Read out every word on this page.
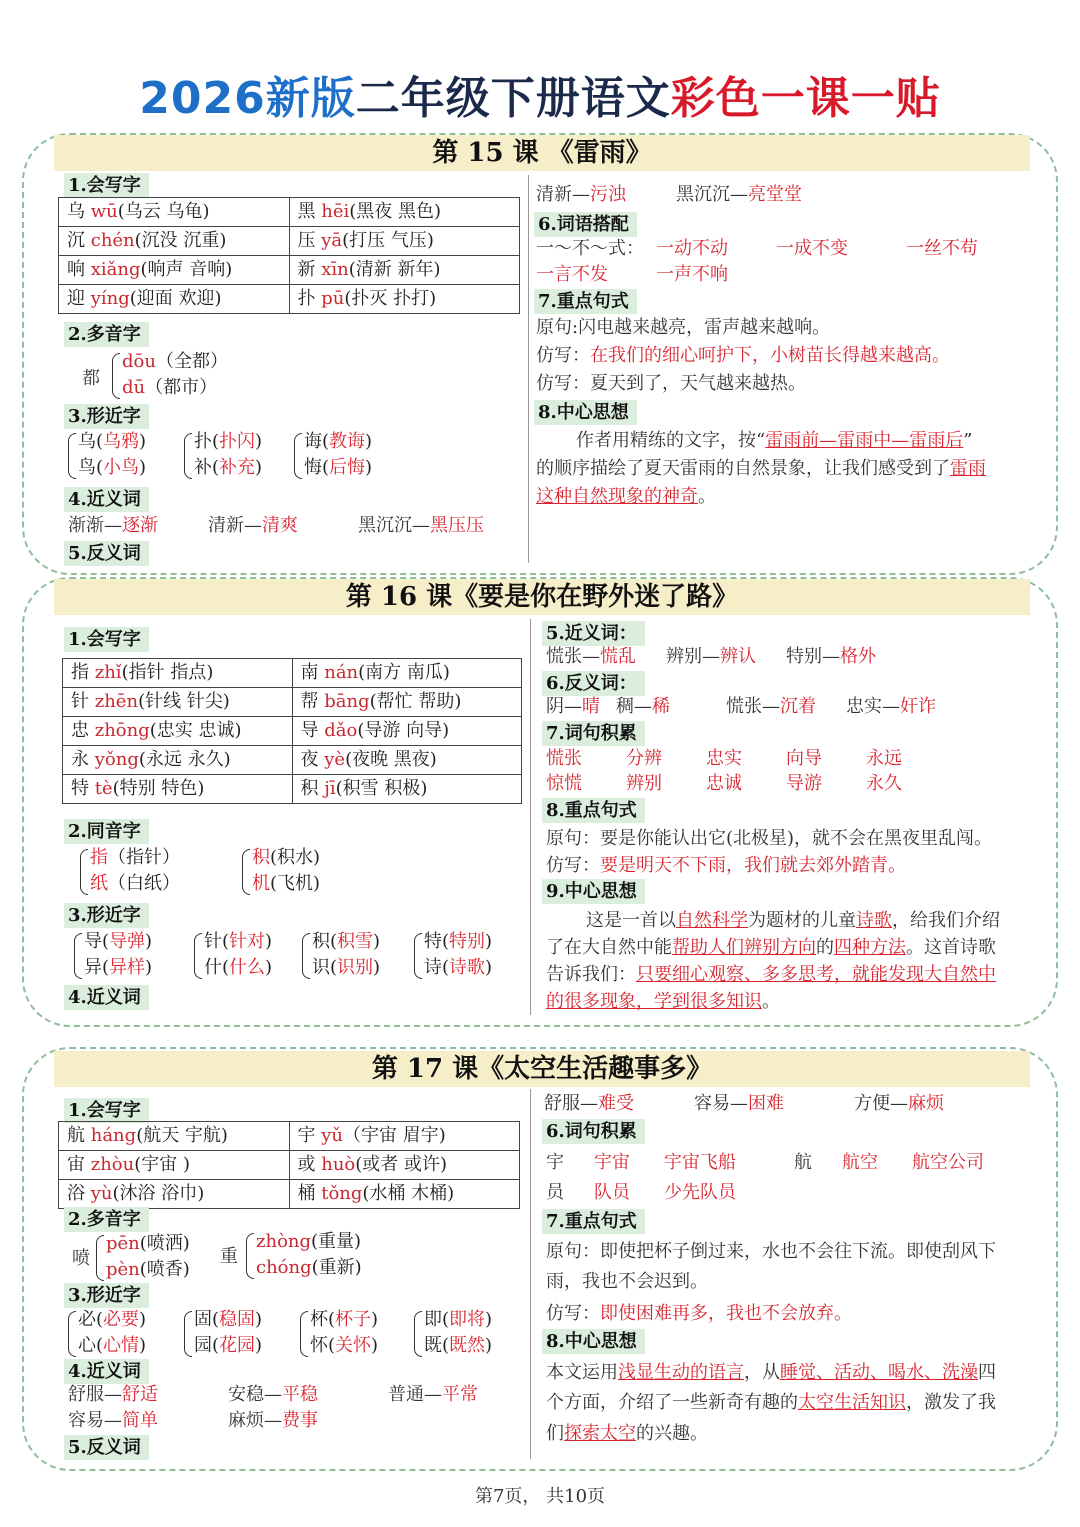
2026新版二年级下册语文彩色一课一贴
第 15 课 《雷雨》
1.会写字
乌 wū(乌云 乌龟)	黑 hēi(黑夜 黑色)
沉 chén(沉没 沉重)	压 yā(打压 气压)
响 xiǎng(响声 音响)	新 xīn(清新 新年)
迎 yíng(迎面 欢迎)	扑 pū(扑灭 扑打)
2.多音字
都
dōu（全都）
dū（都市）
3.形近字
乌(乌鸦)
鸟(小鸟)
扑(扑闪)
补(补充)
诲(教诲)
悔(后悔)
4.近义词
渐渐—逐渐	清新—清爽	黑沉沉—黑压压
5.反义词
清新—污浊	黑沉沉—亮堂堂
6.词语搭配
一～不～式： 一动不动	一成不变	一丝不苟
一言不发	一声不响
7.重点句式
原句:闪电越来越亮，雷声越来越响。
仿写：在我们的细心呵护下，小树苗长得越来越高。
仿写：夏天到了，天气越来越热。
8.中心思想
作者用精练的文字，按“雷雨前—雷雨中—雷雨后”
的顺序描绘了夏天雷雨的自然景象，让我们感受到了雷雨
这种自然现象的神奇。
第 16 课《要是你在野外迷了路》
1.会写字
指 zhǐ(指针 指点)	南 nán(南方 南瓜)
针 zhēn(针线 针尖)	帮 bāng(帮忙 帮助)
忠 zhōng(忠实 忠诚)	导 dǎo(导游 向导)
永 yǒng(永远 永久)	夜 yè(夜晚 黑夜)
特 tè(特别 特色)	积 jī(积雪 积极)
2.同音字
指（指针）
纸（白纸）
积(积水)
机(飞机)
3.形近字
导(导弹)
异(异样)
针(针对)
什(什么)
积(积雪)
识(识别)
特(特别)
诗(诗歌)
4.近义词
5.近义词：
慌张—慌乱 辨别—辨认 特别—格外
6.反义词：
阴—晴 稠—稀	慌张—沉着 忠实—奸诈
7.词句积累
慌张 分辨 忠实 向导 永远
惊慌 辨别 忠诚 导游 永久
8.重点句式
原句：要是你能认出它(北极星)，就不会在黑夜里乱闯。
仿写：要是明天不下雨，我们就去郊外踏青。
9.中心思想
这是一首以自然科学为题材的儿童诗歌，给我们介绍
了在大自然中能帮助人们辨别方向的四种方法。这首诗歌
告诉我们：只要细心观察、多多思考，就能发现大自然中
的很多现象，学到很多知识。
第 17 课《太空生活趣事多》
1.会写字
航 háng(航天 宇航)	宇 yǔ（宇宙 眉宇)
宙 zhòu(宇宙 )	或 huò(或者 或许)
浴 yù(沐浴 浴巾)	桶 tǒng(水桶 木桶)
2.多音字
喷
pēn(喷洒)
pèn(喷香)
重
zhòng(重量)
chóng(重新)
3.形近字
必(必要)
心(心情)
固(稳固)
园(花园)
杯(杯子)
怀(关怀)
即(即将)
既(既然)
4.近义词
舒服—舒适	安稳—平稳	普通—平常
容易—简单	麻烦—费事
5.反义词
舒服—难受	容易—困难	方便—麻烦
6.词句积累
宇 宇宙 宇宙飞船	航 航空 航空公司
员 队员 少先队员
7.重点句式
原句：即使把杯子倒过来，水也不会往下流。即使刮风下
雨，我也不会迟到。
仿写：即使困难再多，我也不会放弃。
8.中心思想
本文运用浅显生动的语言，从睡觉、活动、喝水、洗澡四
个方面，介绍了一些新奇有趣的太空生活知识，激发了我
们探索太空的兴趣。
第7页， 共10页
